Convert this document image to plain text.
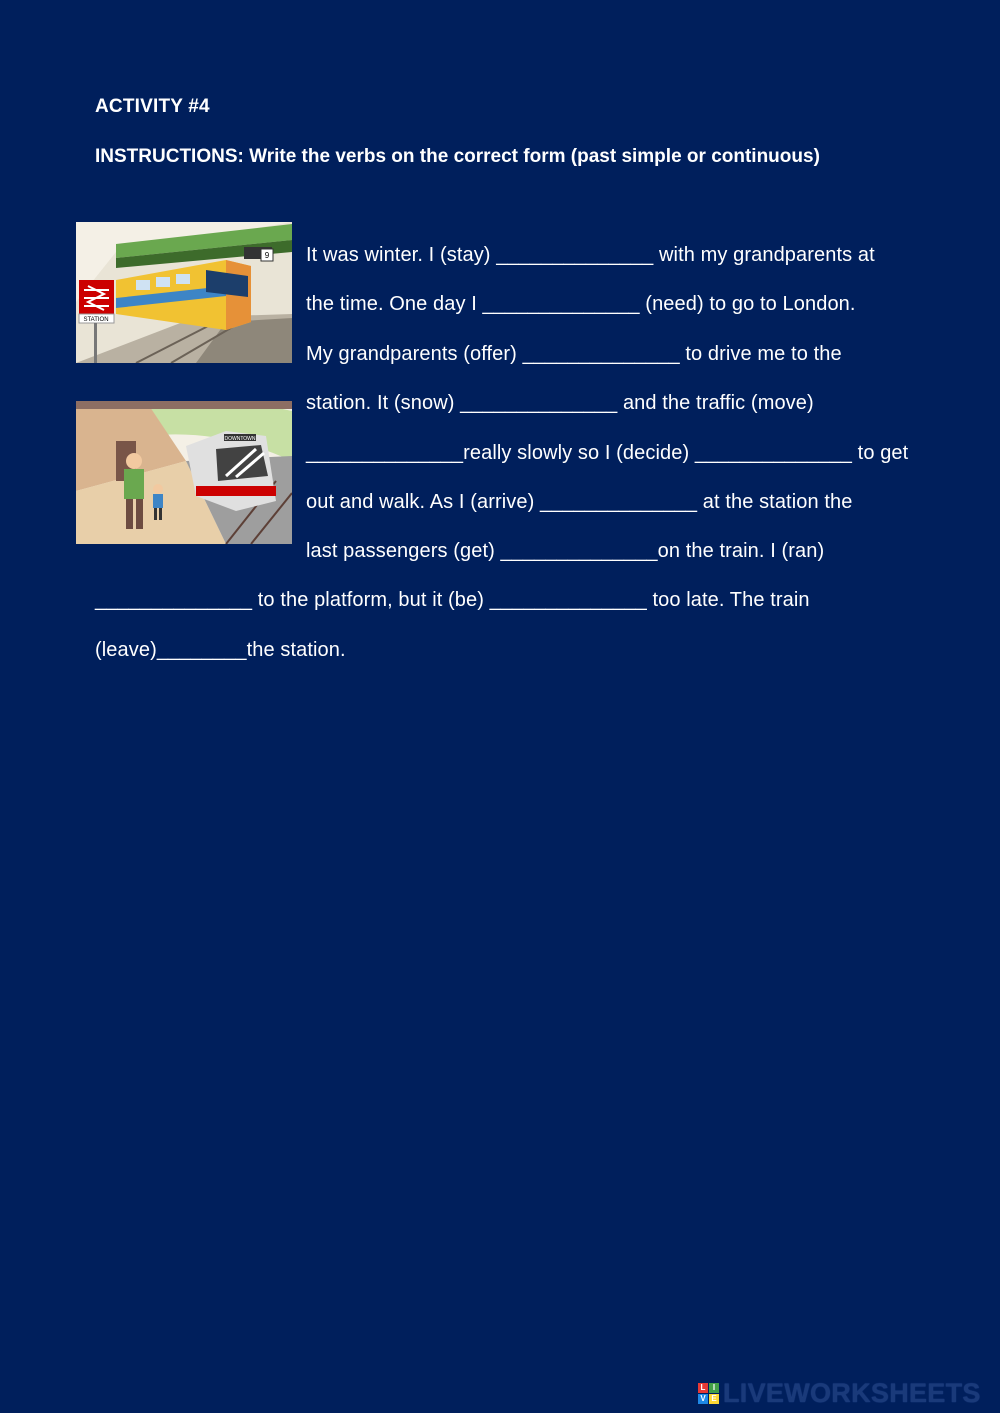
ACTIVITY #4
INSTRUCTIONS: Write the verbs on the correct form (past simple or continuous)
9
STATION
DOWNTOWN
It was winter. I (stay) ______________ with my grandparents at
the time. One day I ______________ (need) to go to London.
My grandparents (offer) ______________ to drive me to the
station. It (snow) ______________ and the traffic (move)
______________really slowly so I (decide) ______________ to get
out and walk. As I (arrive) ______________ at the station the
last passengers (get) ______________on the train. I (ran)
______________ to the platform, but it (be) ______________ too late. The train
(leave)________the station.
L I
V E LIVEWORKSHEETS
